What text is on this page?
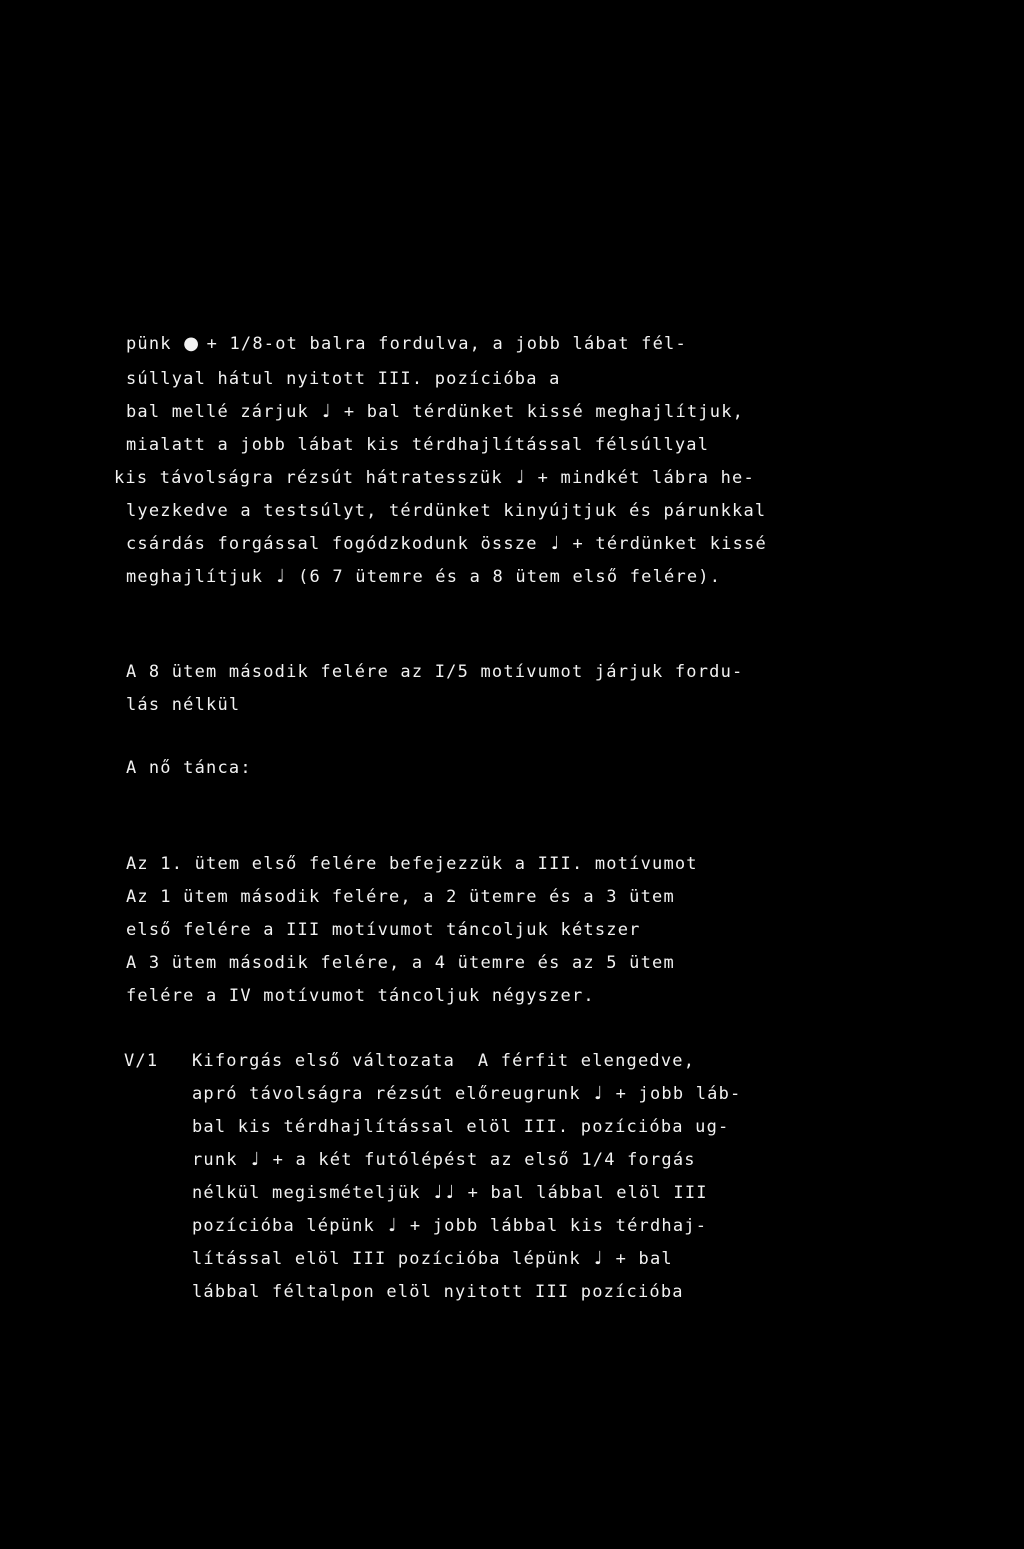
pünk ● + 1/8-ot balra fordulva, a jobb lábat fél-
súllyal hátul nyitott III. pozícióba a
bal mellé zárjuk ♩ + bal térdünket kissé meghajlítjuk,
mialatt a jobb lábat kis térdhajlítással félsúllyal
kis távolságra rézsút hátratesszük ♩ + mindkét lábra he-
lyezkedve a testsúlyt, térdünket kinyújtjuk és párunkkal
csárdás forgással fogódzkodunk össze ♩ + térdünket kissé
meghajlítjuk ♩ (6 7 ütemre és a 8 ütem első felére).
A 8 ütem második felére az I/5 motívumot járjuk fordu-
lás nélkül
A nő tánca:
Az 1. ütem első felére befejezzük a III. motívumot
Az 1 ütem második felére, a 2 ütemre és a 3 ütem
első felére a III motívumot táncoljuk kétszer
A 3 ütem második felére, a 4 ütemre és az 5 ütem
felére a IV motívumot táncoljuk négyszer.
V/1 Kiforgás első változata  A férfit elengedve,
apró távolságra rézsút előreugrunk ♩ + jobb láb-
bal kis térdhajlítással elöl III. pozícióba ug-
runk ♩ + a két futólépést az első 1/4 forgás
nélkül megismételjük ♩ ♩ + bal lábbal elöl III
pozícióba lépünk ♩ + jobb lábbal kis térdhaj-
lítással elöl III pozícióba lépünk ♩ + bal
lábbal féltalpon elöl nyitott III pozícióba
